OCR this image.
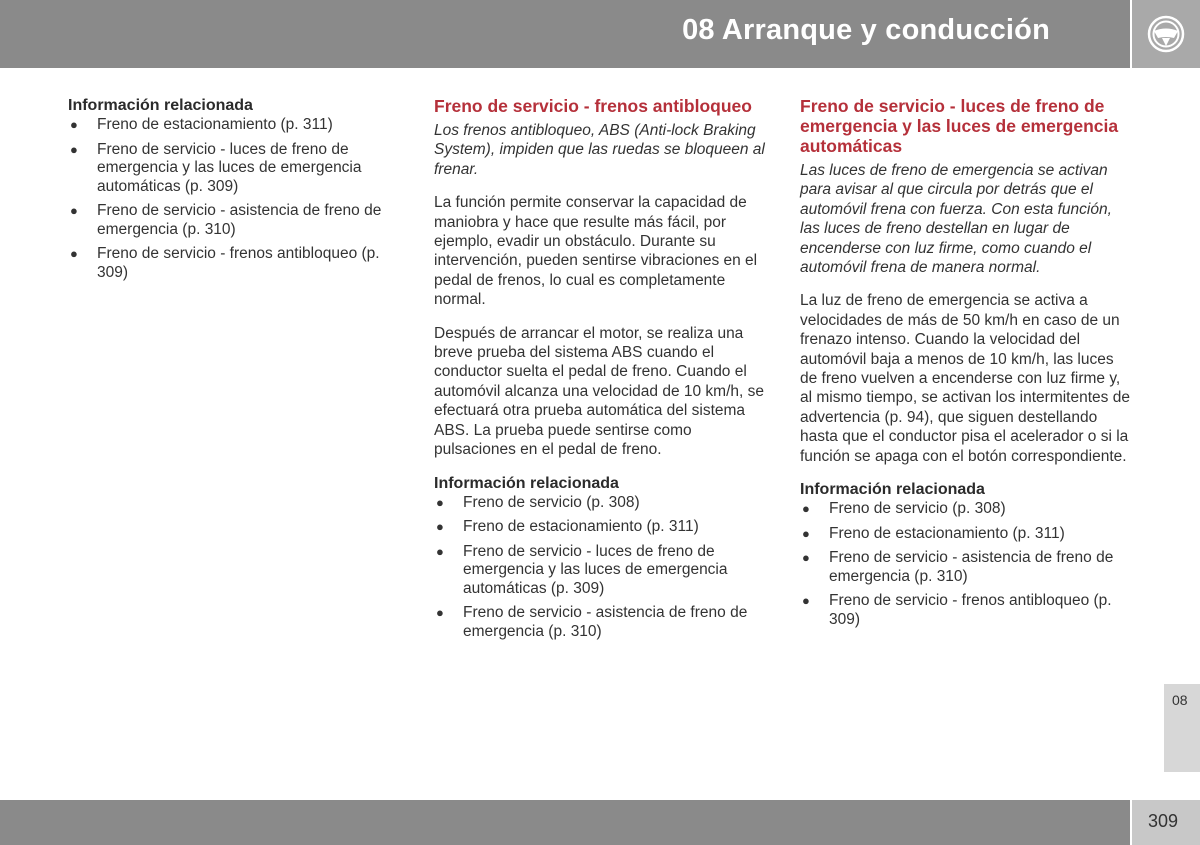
08 Arranque y conducción
Información relacionada
● Freno de estacionamiento (p. 311)
● Freno de servicio - luces de freno de emergencia y las luces de emergencia automáticas (p. 309)
● Freno de servicio - asistencia de freno de emergencia (p. 310)
● Freno de servicio - frenos antibloqueo (p. 309)
Freno de servicio - frenos antibloqueo

Los frenos antibloqueo, ABS (Anti-lock Braking System), impiden que las ruedas se bloqueen al frenar.

La función permite conservar la capacidad de maniobra y hace que resulte más fácil, por ejemplo, evadir un obstáculo. Durante su intervención, pueden sentirse vibraciones en el pedal de frenos, lo cual es completamente normal.

Después de arrancar el motor, se realiza una breve prueba del sistema ABS cuando el conductor suelta el pedal de freno. Cuando el automóvil alcanza una velocidad de 10 km/h, se efectuará otra prueba automática del sistema ABS. La prueba puede sentirse como pulsaciones en el pedal de freno.

Información relacionada
● Freno de servicio (p. 308)
● Freno de estacionamiento (p. 311)
● Freno de servicio - luces de freno de emergencia y las luces de emergencia automáticas (p. 309)
● Freno de servicio - asistencia de freno de emergencia (p. 310)
Freno de servicio - luces de freno de emergencia y las luces de emergencia automáticas

Las luces de freno de emergencia se activan para avisar al que circula por detrás que el automóvil frena con fuerza. Con esta función, las luces de freno destellan en lugar de encenderse con luz firme, como cuando el automóvil frena de manera normal.

La luz de freno de emergencia se activa a velocidades de más de 50 km/h en caso de un frenazo intenso. Cuando la velocidad del automóvil baja a menos de 10 km/h, las luces de freno vuelven a encenderse con luz firme y, al mismo tiempo, se activan los intermitentes de advertencia (p. 94), que siguen destellando hasta que el conductor pisa el acelerador o si la función se apaga con el botón correspondiente.

Información relacionada
● Freno de servicio (p. 308)
● Freno de estacionamiento (p. 311)
● Freno de servicio - asistencia de freno de emergencia (p. 310)
● Freno de servicio - frenos antibloqueo (p. 309)
08
309
